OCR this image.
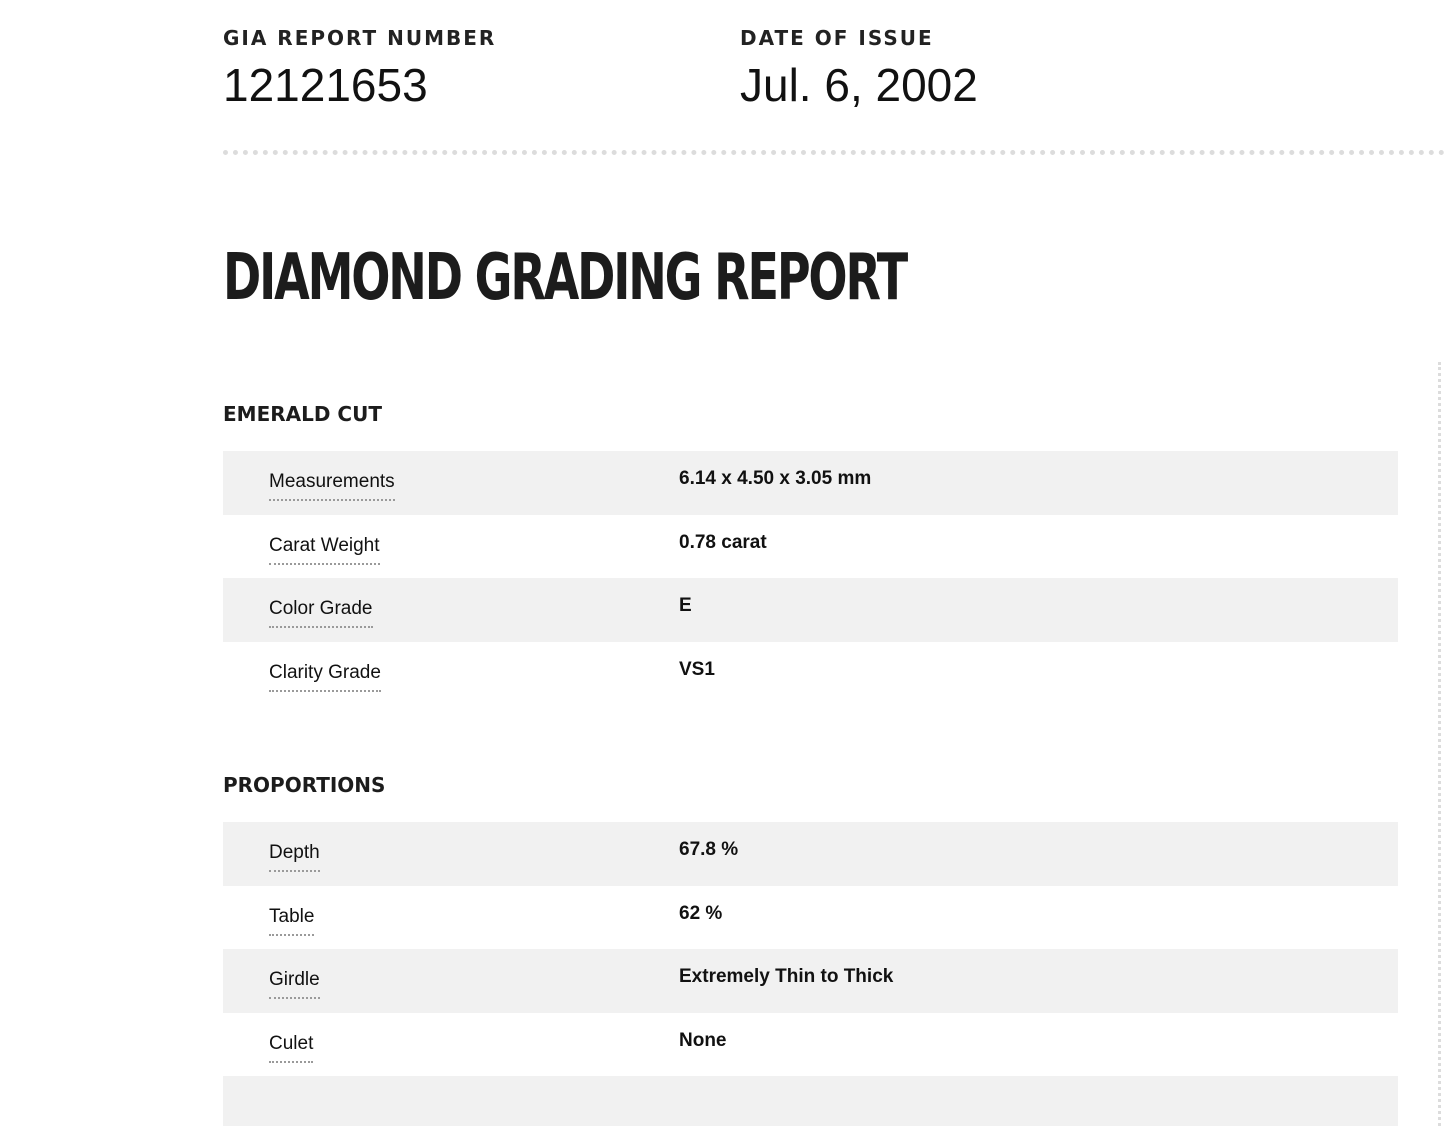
GIA REPORT NUMBER
12121653
DATE OF ISSUE
Jul. 6, 2002
DIAMOND GRADING REPORT
EMERALD CUT
Measurements	6.14 x 4.50 x 3.05 mm
Carat Weight	0.78 carat
Color Grade	E
Clarity Grade	VS1
PROPORTIONS
Depth	67.8 %
Table	62 %
Girdle	Extremely Thin to Thick
Culet	None
